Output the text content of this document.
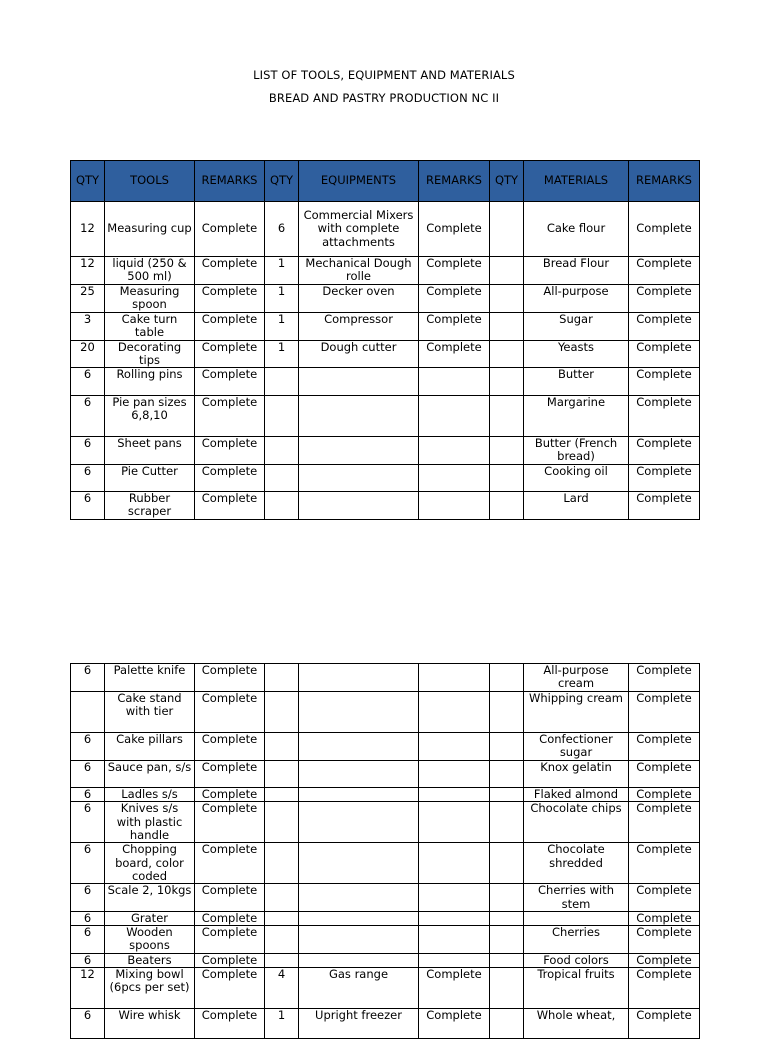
LIST OF TOOLS, EQUIPMENT AND MATERIALS
BREAD AND PASTRY PRODUCTION NC II
QTY	TOOLS	REMARKS	QTY	EQUIPMENTS	REMARKS	QTY	MATERIALS	REMARKS
12	Measuring cup	Complete	6	Commercial Mixers with complete attachments	Complete		Cake flour	Complete
12	liquid (250 & 500 ml)	Complete	1	Mechanical Dough rolle	Complete		Bread Flour	Complete
25	Measuring spoon	Complete	1	Decker oven	Complete		All-purpose	Complete
3	Cake turn table	Complete	1	Compressor	Complete		Sugar	Complete
20	Decorating tips	Complete	1	Dough cutter	Complete		Yeasts	Complete
6	Rolling pins	Complete					Butter	Complete
6	Pie pan sizes 6,8,10	Complete					Margarine	Complete
6	Sheet pans	Complete					Butter (French bread)	Complete
6	Pie Cutter	Complete					Cooking oil	Complete
6	Rubber scraper	Complete					Lard	Complete
6	Palette knife	Complete					All-purpose cream	Complete
	Cake stand with tier	Complete					Whipping cream	Complete
6	Cake pillars	Complete					Confectioner sugar	Complete
6	Sauce pan, s/s	Complete					Knox gelatin	Complete
6	Ladles s/s	Complete					Flaked almond	Complete
6	Knives s/s with plastic handle	Complete					Chocolate chips	Complete
6	Chopping board, color coded	Complete					Chocolate shredded	Complete
6	Scale 2, 10kgs	Complete					Cherries with stem	Complete
6	Grater	Complete						Complete
6	Wooden spoons	Complete					Cherries	Complete
6	Beaters	Complete					Food colors	Complete
12	Mixing bowl (6pcs per set)	Complete	4	Gas range	Complete		Tropical fruits	Complete
6	Wire whisk	Complete	1	Upright freezer	Complete		Whole wheat,	Complete
